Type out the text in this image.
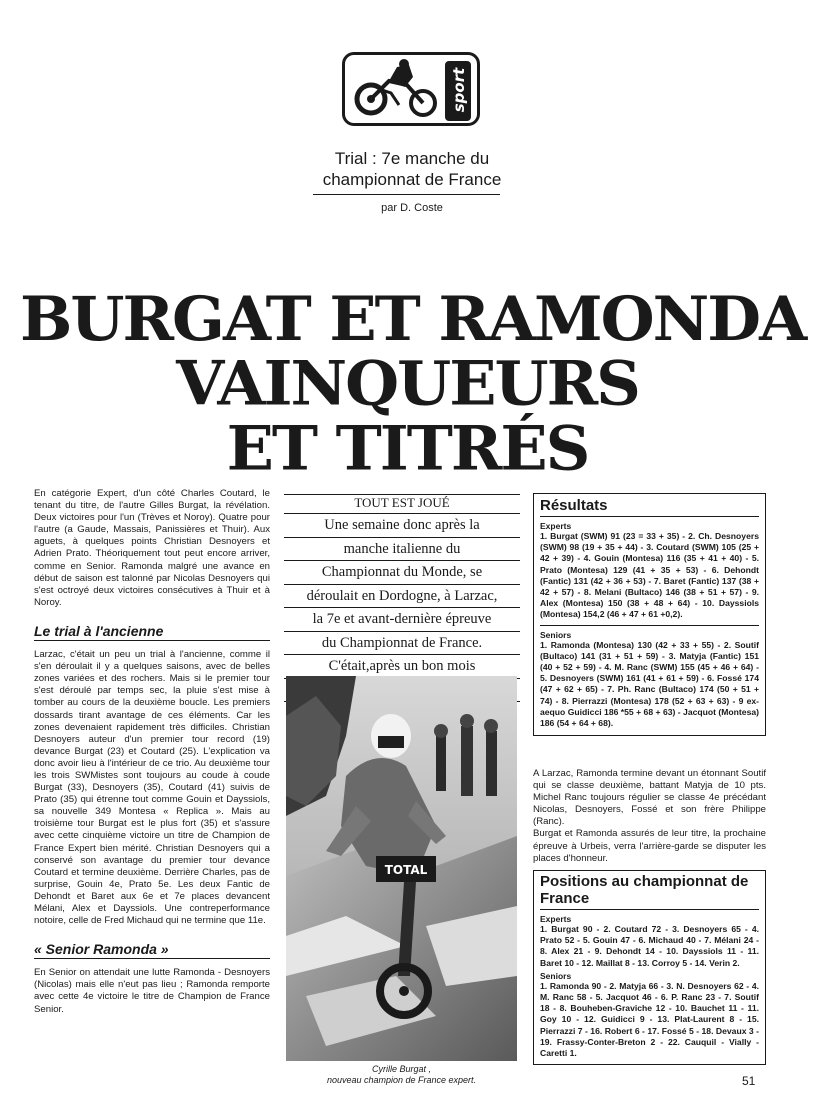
sport
Trial : 7e manche du
championnat de France
par D. Coste
BURGAT ET RAMONDA
VAINQUEURS
ET TITRÉS

En catégorie Expert, d'un côté Charles Coutard, le tenant du titre, de l'autre Gilles Burgat, la révélation. Deux victoires pour l'un (Trèves et Noroy). Quatre pour l'autre (a Gaude, Massais, Panissières et Thuir). Aux aguets, à quelques points Christian Desnoyers et Adrien Prato. Théoriquement tout peut encore arriver, comme en Senior. Ramonda malgré une avance en début de saison est talonné par Nicolas Desnoyers qui s'est octroyé deux victoires consécutives à Thuir et à Noroy.

Le trial à l'ancienne

Larzac, c'était un peu un trial à l'ancienne, comme il s'en déroulait il y a quelques saisons, avec de belles zones variées et des rochers. Mais si le premier tour s'est déroulé par temps sec, la pluie s'est mise à tomber au cours de la deuxième boucle. Les premiers dossards tirant avantage de ces éléments. Car les zones devenaient rapidement très difficiles. Christian Desnoyers auteur d'un premier tour record (19) devance Burgat (23) et Coutard (25). L'explication va donc avoir lieu à l'intérieur de ce trio. Au deuxième tour les trois SWMistes sont toujours au coude à coude Burgat (33), Desnoyers (35), Coutard (41) suivis de Prato (35) qui étrenne tout comme Gouin et Dayssiols, sa nouvelle 349 Montesa « Replica ». Mais au troisième tour Burgat est le plus fort (35) et s'assure avec cette cinquième victoire un titre de Champion de France Expert bien mérité. Christian Desnoyers qui a conservé son avantage du premier tour devance Coutard et termine deuxième. Derrière Charles, pas de surprise, Gouin 4e, Prato 5e. Les deux Fantic de Dehondt et Baret aux 6e et 7e places devancent Mélani, Alex et Dayssiols. Une contreperformance notoire, celle de Fred Michaud qui ne termine que 11e.

« Senior Ramonda »

En Senior on attendait une lutte Ramonda - Desnoyers (Nicolas) mais elle n'eut pas lieu ; Ramonda remporte avec cette 4e victoire le titre de Champion de France Senior.

TOUT EST JOUÉ
Une semaine donc après la
manche italienne du
Championnat du Monde, se
déroulait en Dordogne, à Larzac,
la 7e et avant-dernière épreuve
du Championnat de France.
C'était,après un bon mois
TOTAL
Cyrille Burgat ,
nouveau champion de France expert.
Résultats
Experts
1. Burgat (SWM) 91 (23 = 33 + 35) - 2. Ch. Desnoyers (SWM) 98 (19 + 35 + 44) - 3. Coutard (SWM) 105 (25 + 42 + 39) - 4. Gouin (Montesa) 116 (35 + 41 + 40) - 5. Prato (Montesa) 129 (41 + 35 + 53) - 6. Dehondt (Fantic) 131 (42 + 36 + 53) - 7. Baret (Fantic) 137 (38 + 42 + 57) - 8. Melani (Bultaco) 146 (38 + 51 + 57) - 9. Alex (Montesa) 150 (38 + 48 + 64) - 10. Dayssiols (Montesa) 154,2 (46 + 47 + 61 +0,2).
Seniors
1. Ramonda (Montesa) 130 (42 + 33 + 55) - 2. Soutif (Bultaco) 141 (31 + 51 + 59) - 3. Matyja (Fantic) 151 (40 + 52 + 59) - 4. M. Ranc (SWM) 155 (45 + 46 + 64) - 5. Desnoyers (SWM) 161 (41 + 61 + 59) - 6. Fossé 174 (47 + 62 + 65) - 7. Ph. Ranc (Bultaco) 174 (50 + 51 + 74) - 8. Pierrazzi (Montesa) 178 (52 + 63 + 63) - 9 ex-aequo Guidicci 186 *55 + 68 + 63) - Jacquot (Montesa) 186 (54 + 64 + 68).

A Larzac, Ramonda termine devant un étonnant Soutif qui se classe deuxième, battant Matyja de 10 pts. Michel Ranc toujours régulier se classe 4e précédant Nicolas, Desnoyers, Fossé et son frère Philippe (Ranc).

Burgat et Ramonda assurés de leur titre, la prochaine épreuve à Urbeis, verra l'arrière-garde se disputer les places d'honneur.

Positions au championnat de France
Experts
1. Burgat 90 - 2. Coutard 72 - 3. Desnoyers 65 - 4. Prato 52 - 5. Gouin 47 - 6. Michaud 40 - 7. Mélani 24 - 8. Alex 21 - 9. Dehondt 14 - 10. Dayssiols 11 - 11. Baret 10 - 12. Maillat 8 - 13. Corroy 5 - 14. Verin 2.
Seniors
1. Ramonda 90 - 2. Matyja 66 - 3. N. Desnoyers 62 - 4. M. Ranc 58 - 5. Jacquot 46 - 6. P. Ranc 23 - 7. Soutif 18 - 8. Bouheben-Graviche 12 - 10. Bauchet 11 - 11. Goy 10 - 12. Guidicci 9 - 13. Plat-Laurent 8 - 15. Pierrazzi 7 - 16. Robert 6 - 17. Fossé 5 - 18. Devaux 3 - 19. Frassy-Conter-Breton 2 - 22. Cauquil - Vially - Caretti 1.
51
